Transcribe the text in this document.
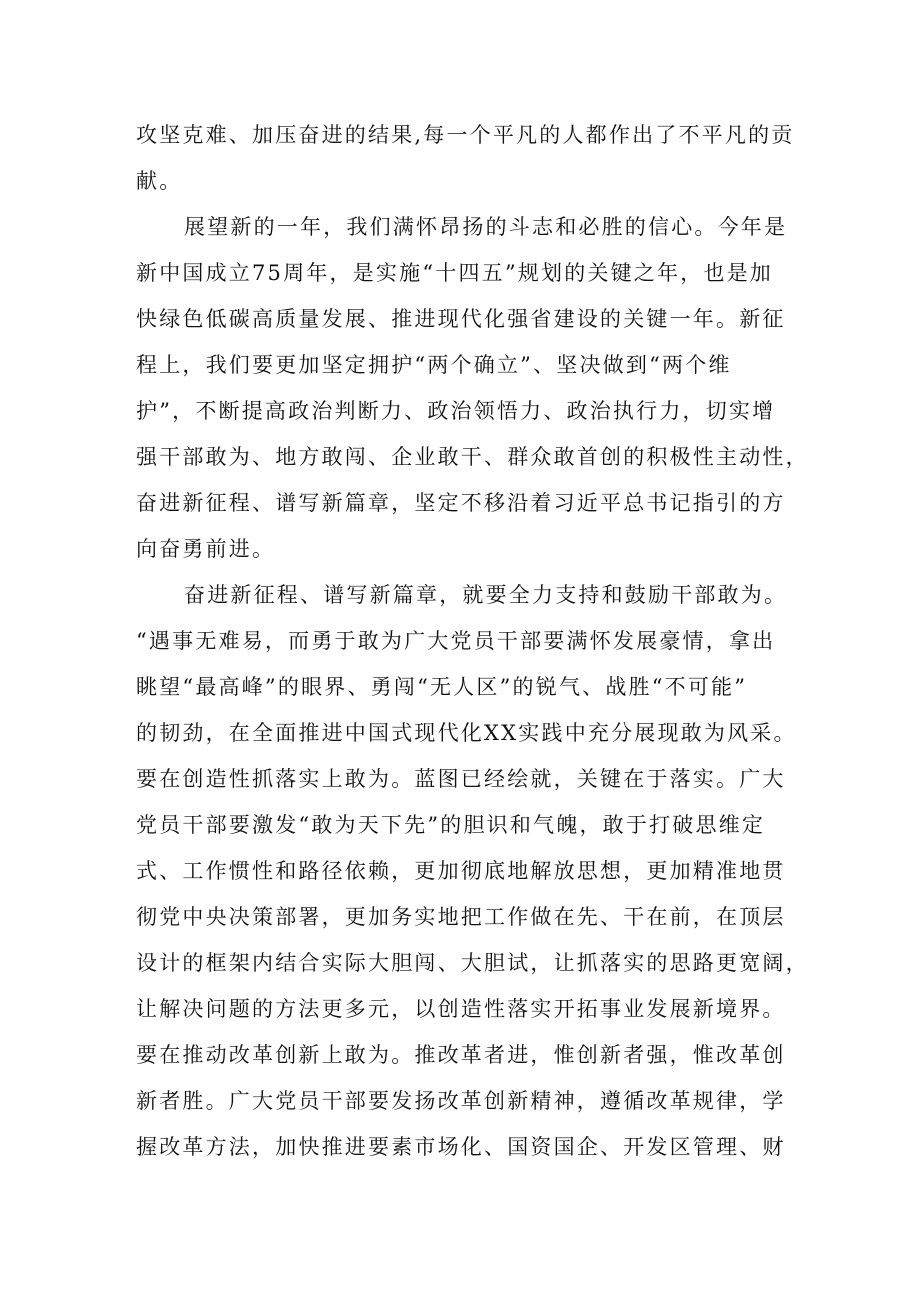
攻坚克难、加压奋进的结果,每一个平凡的人都作出了不平凡的贡
献。
展望新的一年，我们满怀昂扬的斗志和必胜的信心。今年是
新中国成立75周年，是实施“十四五”规划的关键之年，也是加
快绿色低碳高质量发展、推进现代化强省建设的关键一年。新征
程上，我们要更加坚定拥护“两个确立”、坚决做到“两个维
护”，不断提高政治判断力、政治领悟力、政治执行力，切实增
强干部敢为、地方敢闯、企业敢干、群众敢首创的积极性主动性，
奋进新征程、谱写新篇章，坚定不移沿着习近平总书记指引的方
向奋勇前进。
奋进新征程、谱写新篇章，就要全力支持和鼓励干部敢为。
“遇事无难易，而勇于敢为广大党员干部要满怀发展豪情，拿出
眺望“最高峰”的眼界、勇闯“无人区”的锐气、战胜“不可能”
的韧劲，在全面推进中国式现代化XX实践中充分展现敢为风采。
要在创造性抓落实上敢为。蓝图已经绘就，关键在于落实。广大
党员干部要激发“敢为天下先”的胆识和气魄，敢于打破思维定
式、工作惯性和路径依赖，更加彻底地解放思想，更加精准地贯
彻党中央决策部署，更加务实地把工作做在先、干在前，在顶层
设计的框架内结合实际大胆闯、大胆试，让抓落实的思路更宽阔，
让解决问题的方法更多元，以创造性落实开拓事业发展新境界。
要在推动改革创新上敢为。推改革者进，惟创新者强，惟改革创
新者胜。广大党员干部要发扬改革创新精神，遵循改革规律，学
握改革方法，加快推进要素市场化、国资国企、开发区管理、财
